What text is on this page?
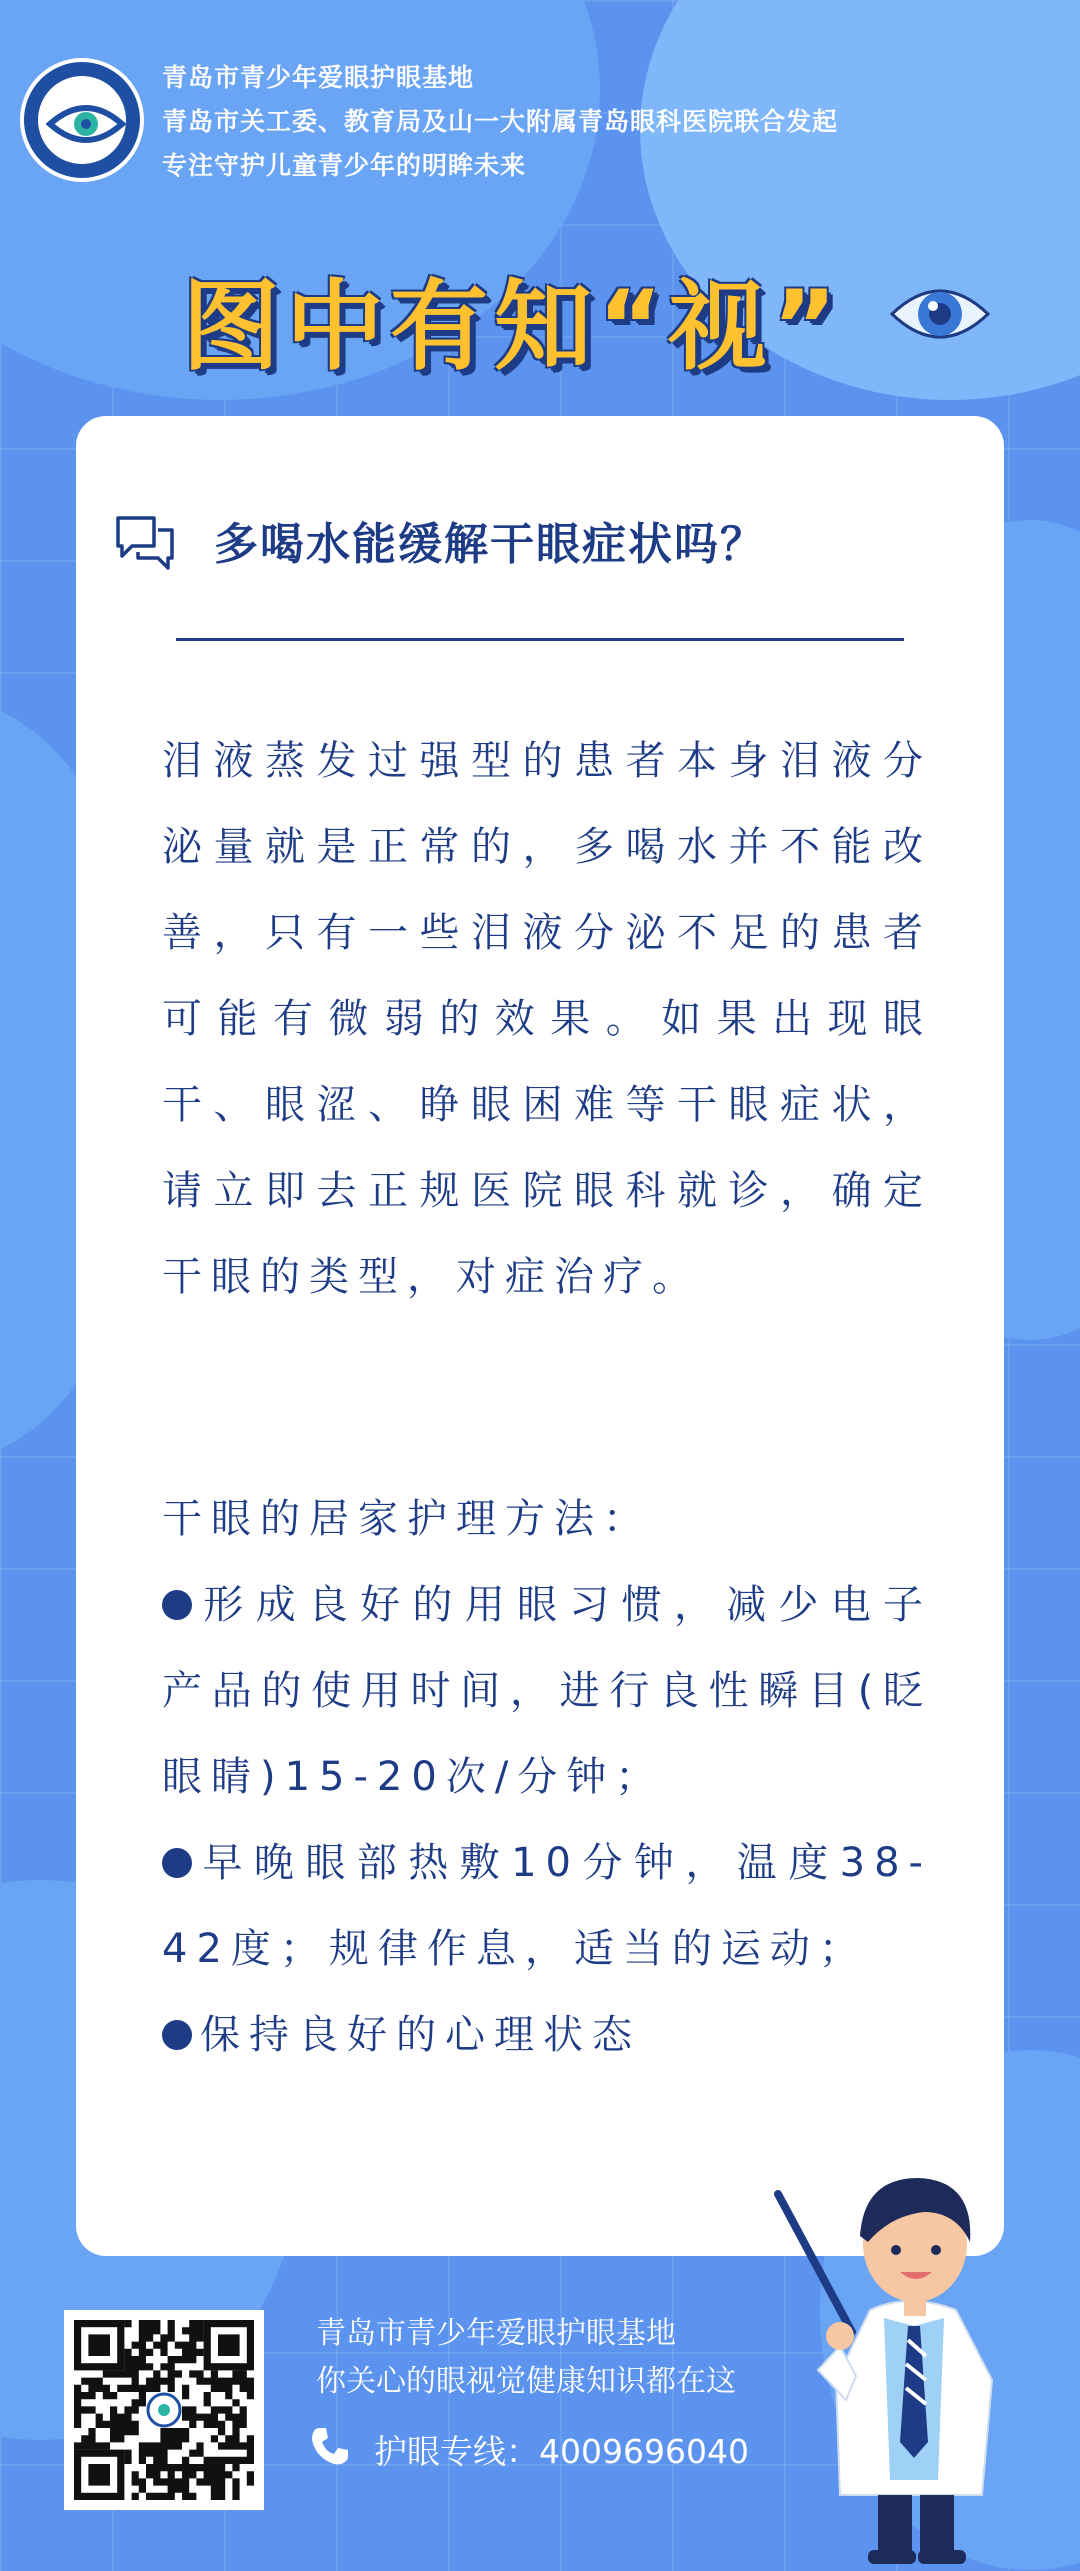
青岛市青少年爱眼护眼基地
青岛市关工委、教育局及山一大附属青岛眼科医院联合发起
专注守护儿童青少年的明眸未来
图中有知“视”
多喝水能缓解干眼症状吗？
泪液蒸发过强型的患者本身泪液分泌量就是正常的，多喝水并不能改善，只有一些泪液分泌不足的患者可能有微弱的效果。如果出现眼干、眼涩、睁眼困难等干眼症状，请立即去正规医院眼科就诊，确定干眼的类型，对症治疗。
干眼的居家护理方法：
形成良好的用眼习惯，减少电子产品的使用时间，进行良性瞬目(眨眼睛)15-20次/分钟；
早晚眼部热敷10分钟，温度38-42度；规律作息，适当的运动；
保持良好的心理状态
青岛市青少年爱眼护眼基地
你关心的眼视觉健康知识都在这
护眼专线：4009696040
